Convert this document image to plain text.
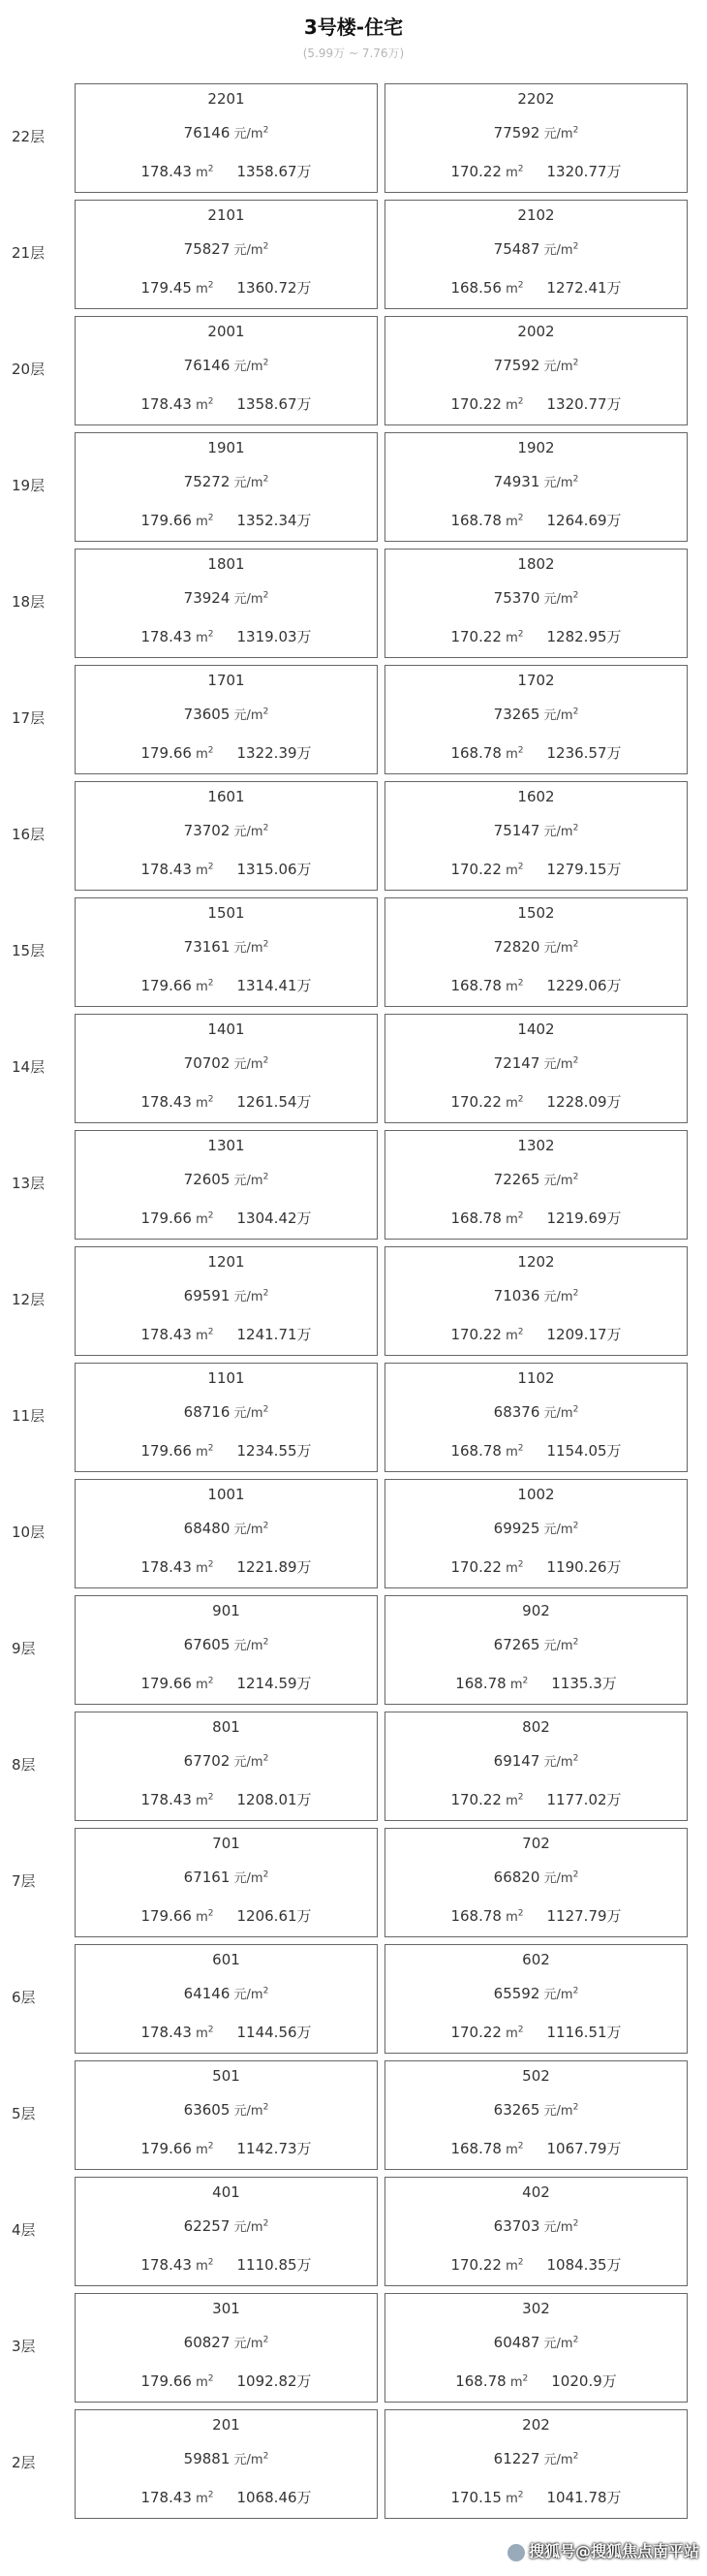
3号楼-住宅
(5.99万 ~ 7.76万)
22层
2201
76146 元$/m^2$
178.43 $m^2$ 1358.67万
2202
77592 元$/m^2$
170.22 $m^2$ 1320.77万
21层
2101
75827 元$/m^2$
179.45 $m^2$ 1360.72万
2102
75487 元$/m^2$
168.56 $m^2$ 1272.41万
20层
2001
76146 元$/m^2$
178.43 $m^2$ 1358.67万
2002
77592 元$/m^2$
170.22 $m^2$ 1320.77万
19层
1901
75272 元$/m^2$
179.66 $m^2$ 1352.34万
1902
74931 元$/m^2$
168.78 $m^2$ 1264.69万
18层
1801
73924 元$/m^2$
178.43 $m^2$ 1319.03万
1802
75370 元$/m^2$
170.22 $m^2$ 1282.95万
17层
1701
73605 元$/m^2$
179.66 $m^2$ 1322.39万
1702
73265 元$/m^2$
168.78 $m^2$ 1236.57万
16层
1601
73702 元$/m^2$
178.43 $m^2$ 1315.06万
1602
75147 元$/m^2$
170.22 $m^2$ 1279.15万
15层
1501
73161 元$/m^2$
179.66 $m^2$ 1314.41万
1502
72820 元$/m^2$
168.78 $m^2$ 1229.06万
14层
1401
70702 元$/m^2$
178.43 $m^2$ 1261.54万
1402
72147 元$/m^2$
170.22 $m^2$ 1228.09万
13层
1301
72605 元$/m^2$
179.66 $m^2$ 1304.42万
1302
72265 元$/m^2$
168.78 $m^2$ 1219.69万
12层
1201
69591 元$/m^2$
178.43 $m^2$ 1241.71万
1202
71036 元$/m^2$
170.22 $m^2$ 1209.17万
11层
1101
68716 元$/m^2$
179.66 $m^2$ 1234.55万
1102
68376 元$/m^2$
168.78 $m^2$ 1154.05万
10层
1001
68480 元$/m^2$
178.43 $m^2$ 1221.89万
1002
69925 元$/m^2$
170.22 $m^2$ 1190.26万
9层
901
67605 元$/m^2$
179.66 $m^2$ 1214.59万
902
67265 元$/m^2$
168.78 $m^2$ 1135.3万
8层
801
67702 元$/m^2$
178.43 $m^2$ 1208.01万
802
69147 元$/m^2$
170.22 $m^2$ 1177.02万
7层
701
67161 元$/m^2$
179.66 $m^2$ 1206.61万
702
66820 元$/m^2$
168.78 $m^2$ 1127.79万
6层
601
64146 元$/m^2$
178.43 $m^2$ 1144.56万
602
65592 元$/m^2$
170.22 $m^2$ 1116.51万
5层
501
63605 元$/m^2$
179.66 $m^2$ 1142.73万
502
63265 元$/m^2$
168.78 $m^2$ 1067.79万
4层
401
62257 元$/m^2$
178.43 $m^2$ 1110.85万
402
63703 元$/m^2$
170.22 $m^2$ 1084.35万
3层
301
60827 元$/m^2$
179.66 $m^2$ 1092.82万
302
60487 元$/m^2$
168.78 $m^2$ 1020.9万
2层
201
59881 元$/m^2$
178.43 $m^2$ 1068.46万
202
61227 元$/m^2$
170.15 $m^2$ 1041.78万
搜狐号@搜狐焦点南平站
